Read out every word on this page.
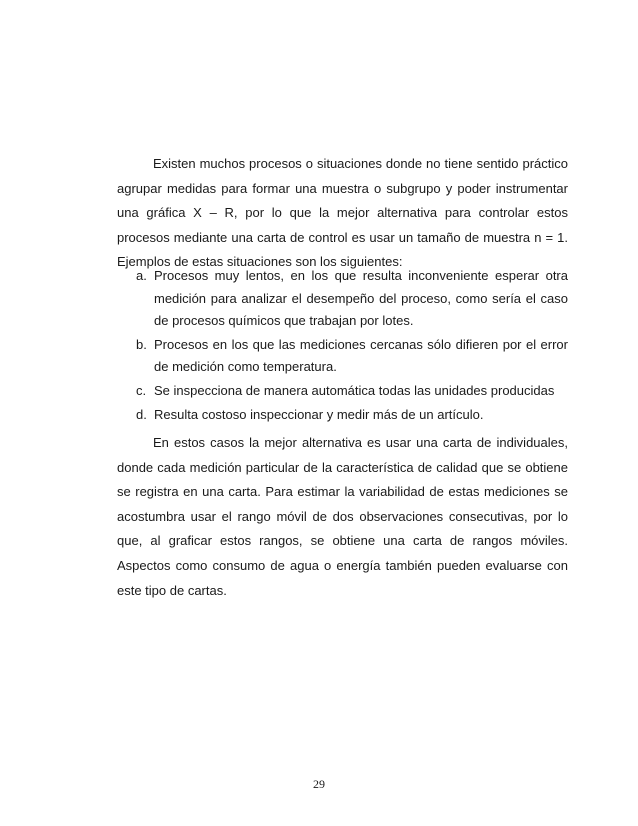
Existen muchos procesos o situaciones donde no tiene sentido práctico agrupar medidas para formar una muestra o subgrupo y poder instrumentar una gráfica X – R, por lo que la mejor alternativa para controlar estos procesos mediante una carta de control es usar un tamaño de muestra n = 1. Ejemplos de estas situaciones son los siguientes:

a. Procesos muy lentos, en los que resulta inconveniente esperar otra medición para analizar el desempeño del proceso, como sería el caso de procesos químicos que trabajan por lotes.
b. Procesos en los que las mediciones cercanas sólo difieren por el error de medición como temperatura.
c. Se inspecciona de manera automática todas las unidades producidas
d. Resulta costoso inspeccionar y medir más de un artículo.

En estos casos la mejor alternativa es usar una carta de individuales, donde cada medición particular de la característica de calidad que se obtiene se registra en una carta. Para estimar la variabilidad de estas mediciones se acostumbra usar el rango móvil de dos observaciones consecutivas, por lo que, al graficar estos rangos, se obtiene una carta de rangos móviles. Aspectos como consumo de agua o energía también pueden evaluarse con este tipo de cartas.

29
